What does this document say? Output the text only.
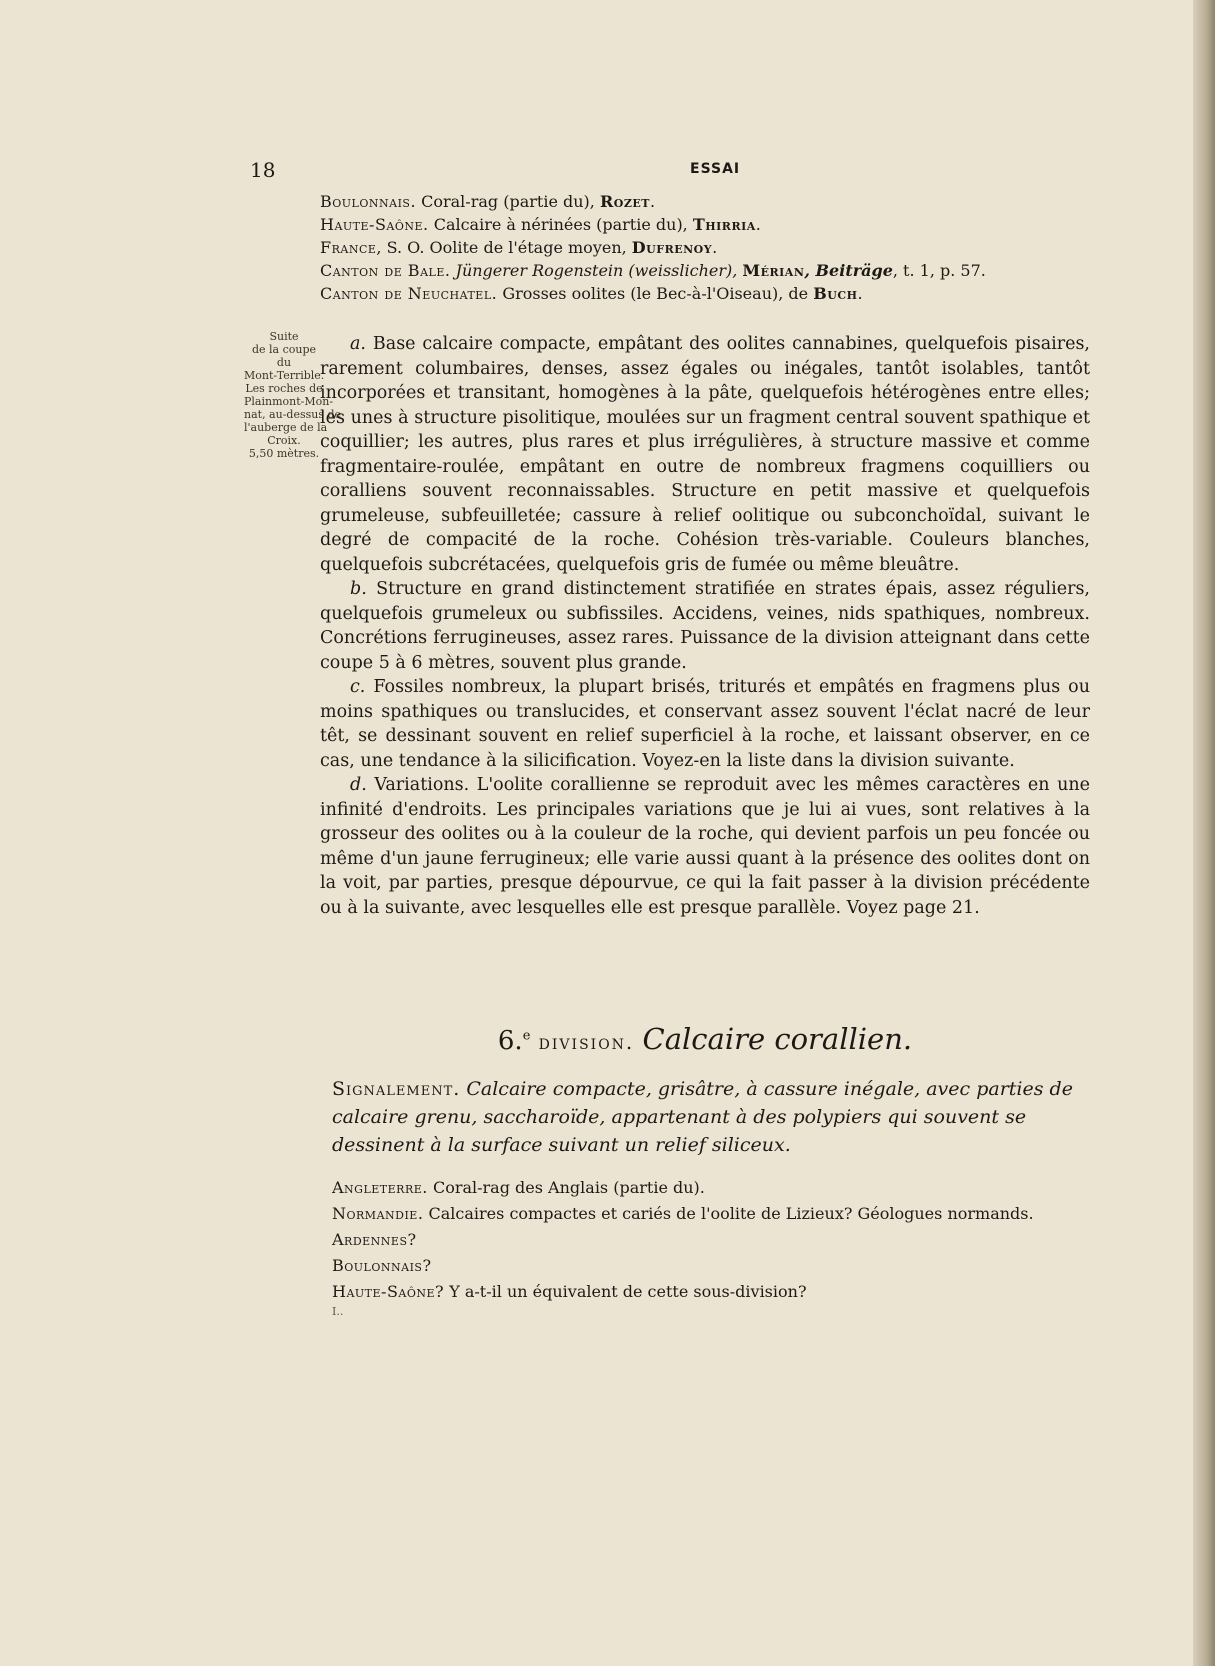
18	ESSAI
Boulonnais. Coral-rag (partie du), Rozet.
Haute-Saône. Calcaire à nérinées (partie du), Thirria.
France, S. O. Oolite de l'étage moyen, Dufrenoy.
Canton de Bale. Jüngerer Rogenstein (weisslicher), Mérian, Beiträge, t. 1, p. 57.
Canton de Neuchatel. Grosses oolites (le Bec-à-l'Oiseau), de Buch.
Suite
de la coupe
du
Mont-Terrible.
Les roches de
Plainmont-Mon-
nat, au-dessus de
l'auberge de la
Croix.
5,50 mètres.

a. Base calcaire compacte, empâtant des oolites cannabines, quelquefois pisaires, rarement columbaires, denses, assez égales ou inégales, tantôt isolables, tantôt incorporées et transitant, homogènes à la pâte, quelquefois hétérogènes entre elles; les unes à structure pisolitique, moulées sur un fragment central souvent spathique et coquillier; les autres, plus rares et plus irrégulières, à structure massive et comme fragmentaire-roulée, empâtant en outre de nombreux fragmens coquilliers ou coralliens souvent reconnaissables. Structure en petit massive et quelquefois grumeleuse, subfeuilletée; cassure à relief oolitique ou subconchoïdal, suivant le degré de compacité de la roche. Cohésion très-variable. Couleurs blanches, quelquefois subcrétacées, quelquefois gris de fumée ou même bleuâtre.

b. Structure en grand distinctement stratifiée en strates épais, assez réguliers, quelquefois grumeleux ou subfissiles. Accidens, veines, nids spathiques, nombreux. Concrétions ferrugineuses, assez rares. Puissance de la division atteignant dans cette coupe 5 à 6 mètres, souvent plus grande.

c. Fossiles nombreux, la plupart brisés, triturés et empâtés en fragmens plus ou moins spathiques ou translucides, et conservant assez souvent l'éclat nacré de leur têt, se dessinant souvent en relief superficiel à la roche, et laissant observer, en ce cas, une tendance à la silicification. Voyez-en la liste dans la division suivante.

d. Variations. L'oolite corallienne se reproduit avec les mêmes caractères en une infinité d'endroits. Les principales variations que je lui ai vues, sont relatives à la grosseur des oolites ou à la couleur de la roche, qui devient parfois un peu foncée ou même d'un jaune ferrugineux; elle varie aussi quant à la présence des oolites dont on la voit, par parties, presque dépourvue, ce qui la fait passer à la division précédente ou à la suivante, avec lesquelles elle est presque parallèle. Voyez page 21.

6.$^e$ division. Calcaire corallien.
Signalement. Calcaire compacte, grisâtre, à cassure inégale, avec parties de calcaire grenu, saccharoïde, appartenant à des polypiers qui souvent se dessinent à la surface suivant un relief siliceux.
Angleterre. Coral-rag des Anglais (partie du).
Normandie. Calcaires compactes et cariés de l'oolite de Lizieux? Géologues normands.
Ardennes?
Boulonnais?
Haute-Saône? Y a-t-il un équivalent de cette sous-division?
I..
